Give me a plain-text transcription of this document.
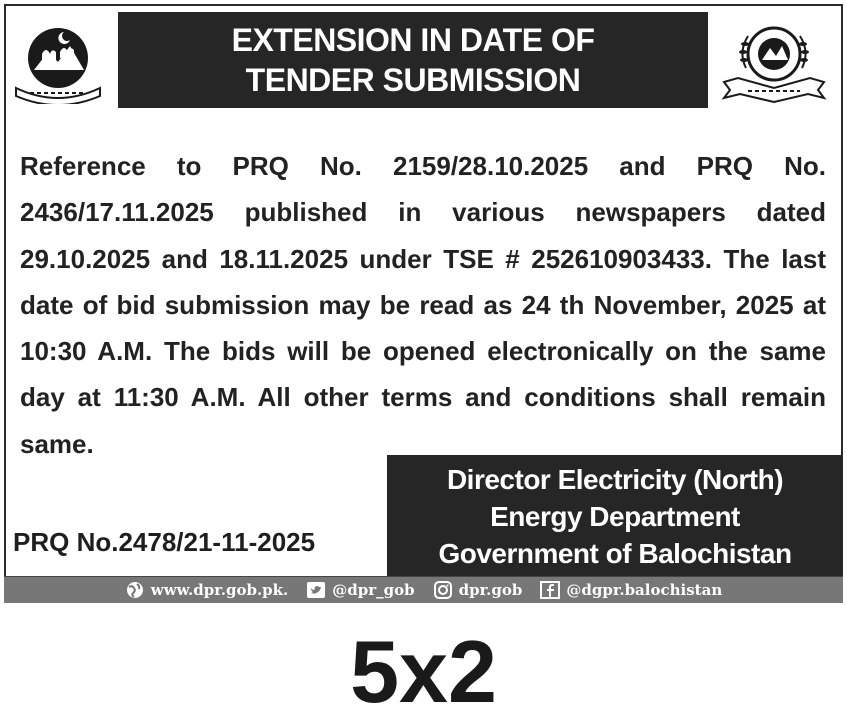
EXTENSION IN DATE OF TENDER SUBMISSION
Reference to PRQ No. 2159/28.10.2025 and PRQ No. 2436/17.11.2025 published in various newspapers dated 29.10.2025 and 18.11.2025 under TSE # 252610903433. The last date of bid submission may be read as 24 th November, 2025 at 10:30 A.M. The bids will be opened electronically on the same day at 11:30 A.M. All other terms and conditions shall remain same.
Director Electricity (North)
Energy Department
Government of Balochistan
PRQ No.2478/21-11-2025
www.dpr.gob.pk.	@dpr_gob	dpr.gob	@dgpr.balochistan
5x2
